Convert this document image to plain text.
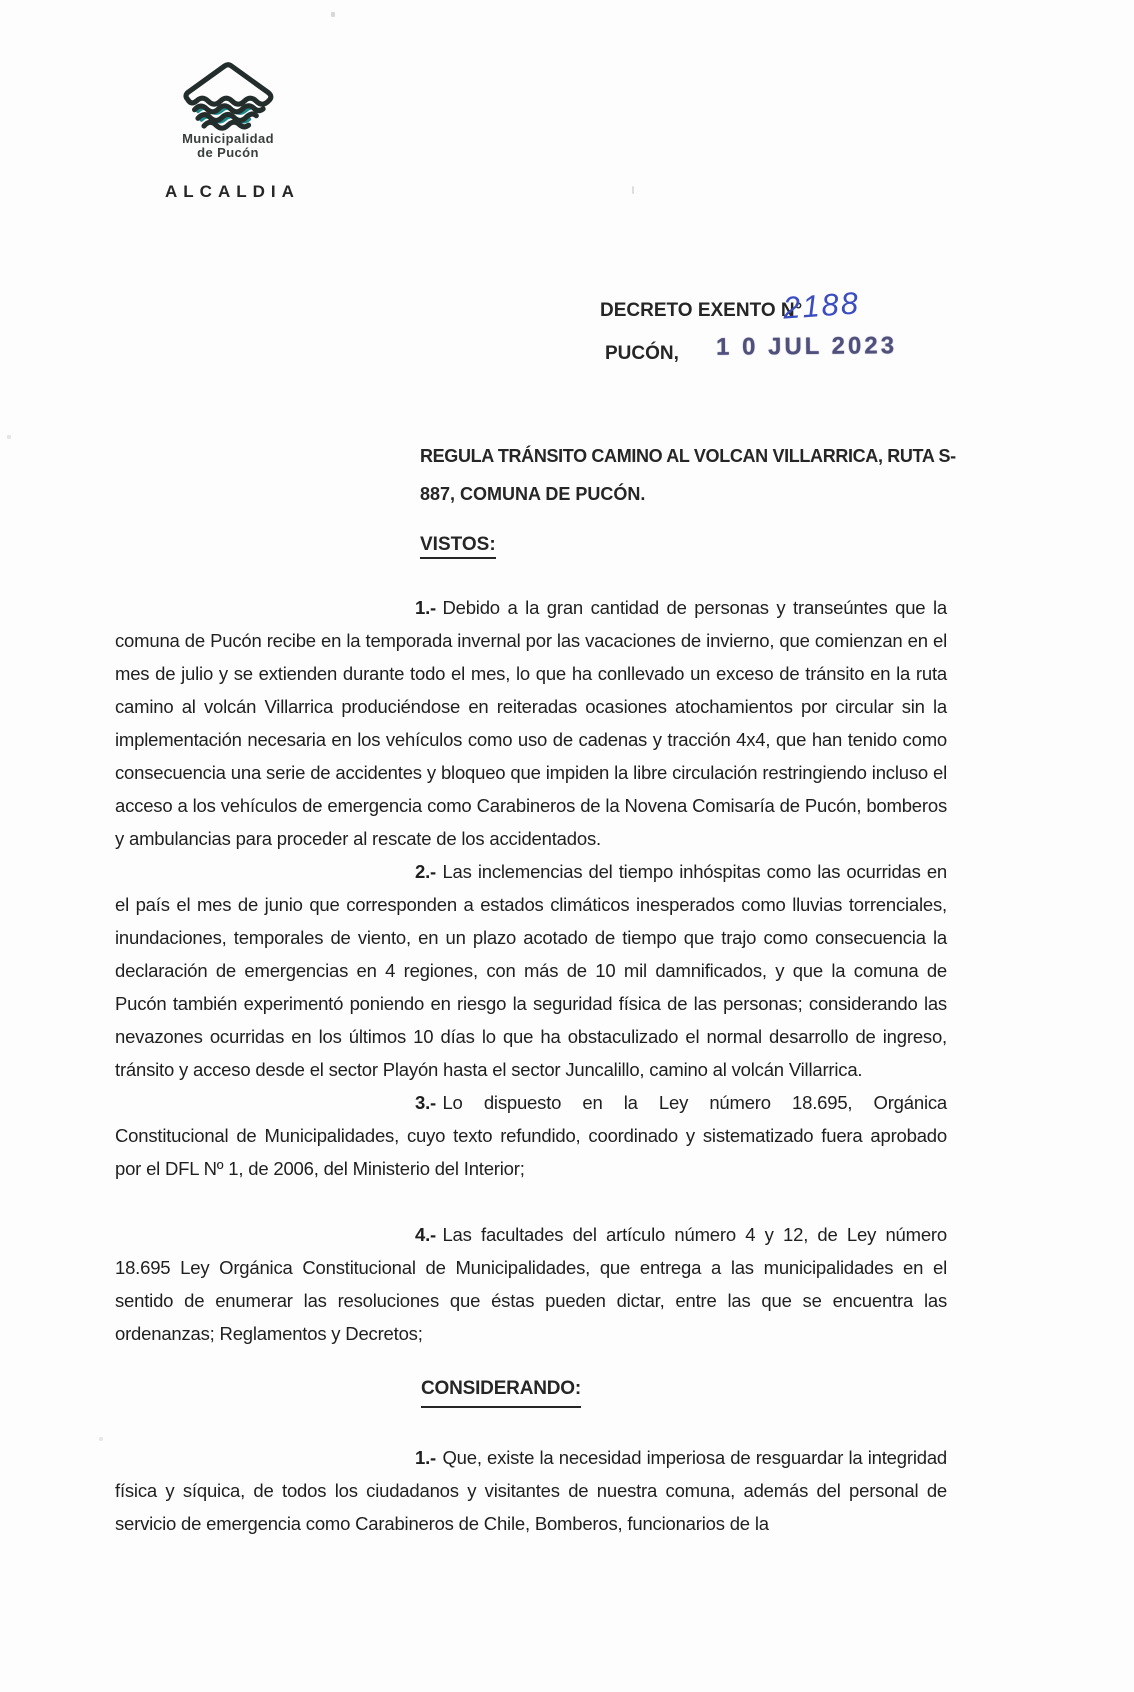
Municipalidad
de Pucón
ALCALDIA
DECRETO EXENTO N°
2188
PUCÓN, 1 0 JUL 2023
REGULA TRÁNSITO CAMINO AL VOLCAN VILLARRICA, RUTA S-
887, COMUNA DE PUCÓN.
VISTOS:

1.- Debido a la gran cantidad de personas y transeúntes que la comuna de Pucón recibe en la temporada invernal por las vacaciones de invierno, que comienzan en el mes de julio y se extienden durante todo el mes, lo que ha conllevado un exceso de tránsito en la ruta camino al volcán Villarrica produciéndose en reiteradas ocasiones atochamientos por circular sin la implementación necesaria en los vehículos como uso de cadenas y tracción 4x4, que han tenido como consecuencia una serie de accidentes y bloqueo que impiden la libre circulación restringiendo incluso el acceso a los vehículos de emergencia como Carabineros de la Novena Comisaría de Pucón, bomberos y ambulancias para proceder al rescate de los accidentados.

2.- Las inclemencias del tiempo inhóspitas como las ocurridas en el país el mes de junio que corresponden a estados climáticos inesperados como lluvias torrenciales, inundaciones, temporales de viento, en un plazo acotado de tiempo que trajo como consecuencia la declaración de emergencias en 4 regiones, con más de 10 mil damnificados, y que la comuna de Pucón también experimentó poniendo en riesgo la seguridad física de las personas; considerando las nevazones ocurridas en los últimos 10 días lo que ha obstaculizado el normal desarrollo de ingreso, tránsito y acceso desde el sector Playón hasta el sector Juncalillo, camino al volcán Villarrica.

3.- Lo dispuesto en la Ley número 18.695, Orgánica Constitucional de Municipalidades, cuyo texto refundido, coordinado y sistematizado fuera aprobado por el DFL Nº 1, de 2006, del Ministerio del Interior;

4.- Las facultades del artículo número 4 y 12, de Ley número 18.695 Ley Orgánica Constitucional de Municipalidades, que entrega a las municipalidades en el sentido de enumerar las resoluciones que éstas pueden dictar, entre las que se encuentra las ordenanzas; Reglamentos y Decretos;

CONSIDERANDO:

1.- Que, existe la necesidad imperiosa de resguardar la integridad física y síquica, de todos los ciudadanos y visitantes de nuestra comuna, además del personal de servicio de emergencia como Carabineros de Chile, Bomberos, funcionarios de la
